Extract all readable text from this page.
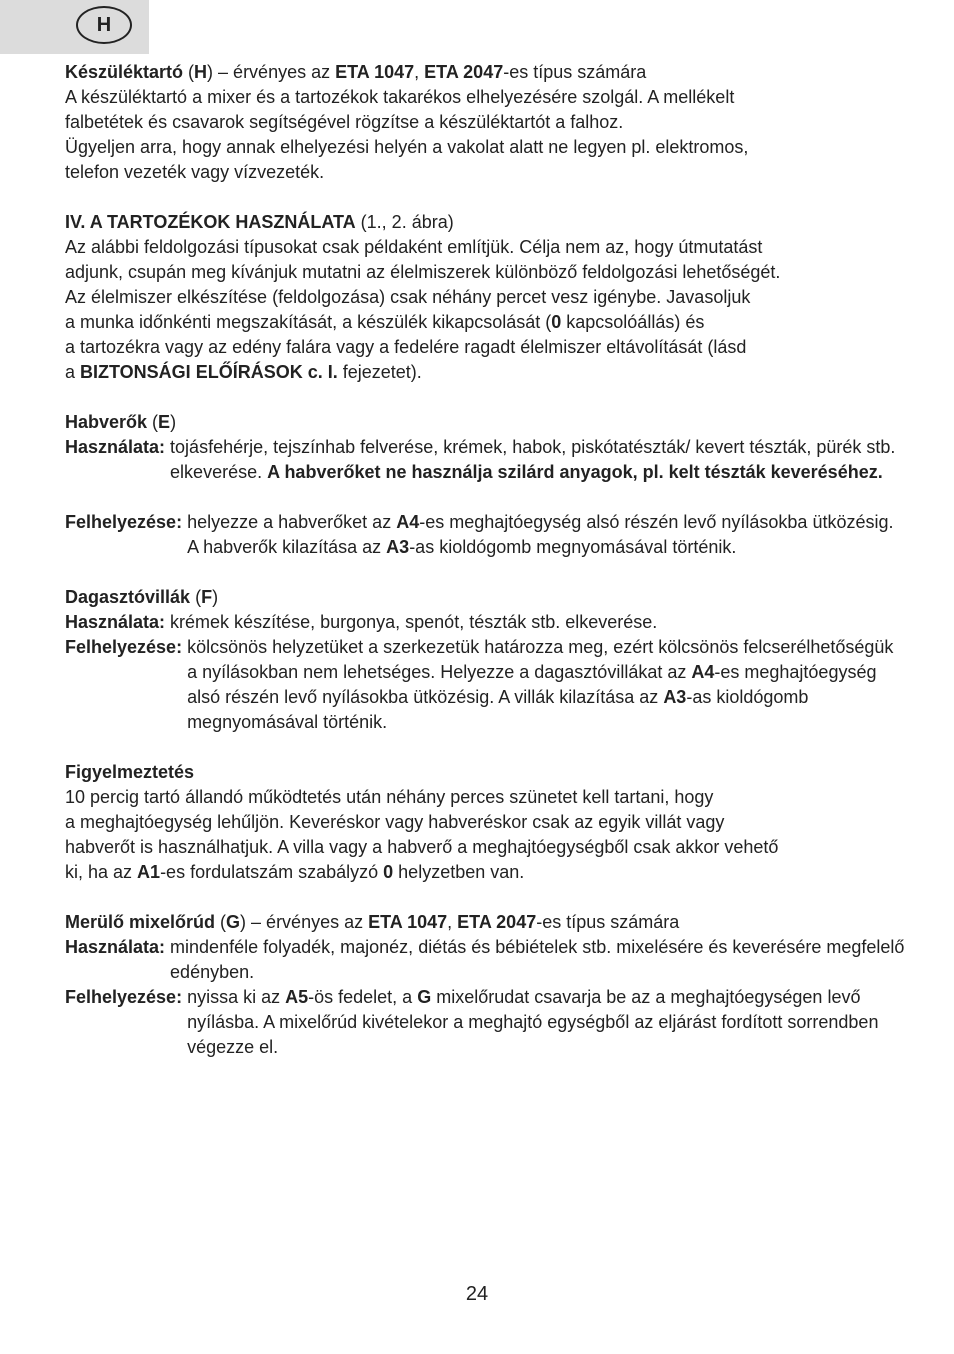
H
Készüléktartó (H) – érvényes az ETA 1047, ETA 2047-es típus számára
A készüléktartó a mixer és a tartozékok takarékos elhelyezésére szolgál. A mellékelt
falbetétek és csavarok segítségével rögzítse a készüléktartót a falhoz.
Ügyeljen arra, hogy annak elhelyezési helyén a vakolat alatt ne legyen pl. elektromos,
telefon vezeték vagy vízvezeték.
IV. A TARTOZÉKOK HASZNÁLATA (1., 2. ábra)
Az alábbi feldolgozási típusokat csak példaként említjük. Célja nem az, hogy útmutatást
adjunk, csupán meg kívánjuk mutatni az élelmiszerek különböző feldolgozási lehetőségét.
Az élelmiszer elkészítése (feldolgozása) csak néhány percet vesz igénybe. Javasoljuk
a munka időnkénti megszakítását, a készülék kikapcsolását (0 kapcsolóállás) és
a tartozékra vagy az edény falára vagy a fedelére ragadt élelmiszer eltávolítását (lásd
a BIZTONSÁGI ELŐÍRÁSOK c. I. fejezetet).
Habverők (E)
Használata: tojásfehérje, tejszínhab felverése, krémek, habok, piskótatészták/ kevert tészták, pürék stb. elkeverése. A habverőket ne használja szilárd anyagok, pl. kelt tészták keveréséhez.
Felhelyezése: helyezze a habverőket az A4-es meghajtóegység alsó részén levő nyílásokba ütközésig. A habverők kilazítása az A3-as kioldógomb megnyomásával történik.
Dagasztóvillák (F)
Használata: krémek készítése, burgonya, spenót, tészták stb. elkeverése.
Felhelyezése: kölcsönös helyzetüket a szerkezetük határozza meg, ezért kölcsönös felcserélhetőségük a nyílásokban nem lehetséges. Helyezze a dagasztóvillákat az A4-es meghajtóegység alsó részén levő nyílásokba ütközésig. A villák kilazítása az A3-as kioldógomb megnyomásával történik.
Figyelmeztetés
10 percig tartó állandó működtetés után néhány perces szünetet kell tartani, hogy
a meghajtóegység lehűljön. Keveréskor vagy habveréskor csak az egyik villát vagy
habverőt is használhatjuk. A villa vagy a habverő a meghajtóegységből csak akkor vehető
ki, ha az A1-es fordulatszám szabályzó 0 helyzetben van.
Merülő mixelőrúd (G) – érvényes az ETA 1047, ETA 2047-es típus számára
Használata: mindenféle folyadék, majonéz, diétás és bébiételek stb. mixelésére és keverésére megfelelő edényben.
Felhelyezése: nyissa ki az A5-ös fedelet, a G mixelőrudat csavarja be az a meghajtóegységen levő nyílásba. A mixelőrúd kivételekor a meghajtó egységből az eljárást fordított sorrendben végezze el.
24
